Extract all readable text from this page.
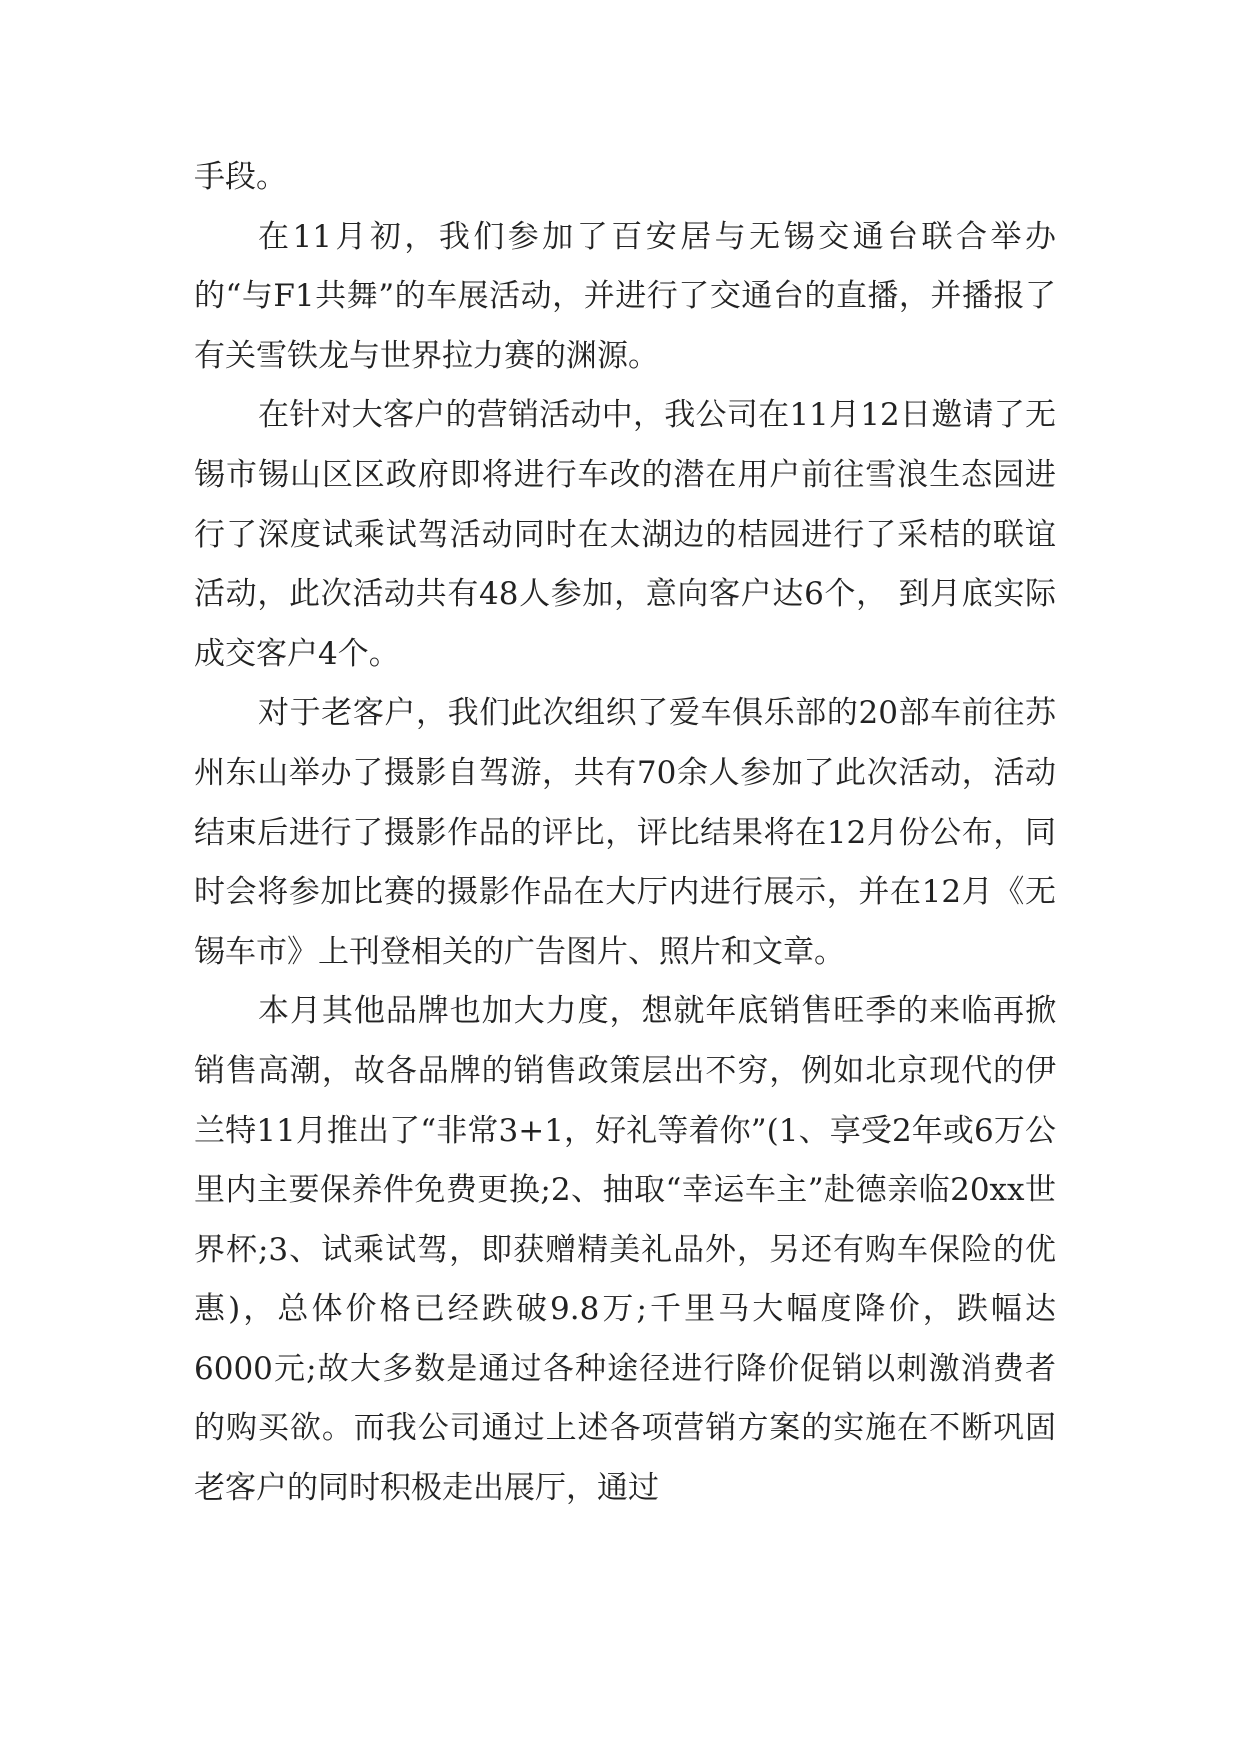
手段。

在11月初，我们参加了百安居与无锡交通台联合举办的“与F1共舞”的车展活动，并进行了交通台的直播，并播报了有关雪铁龙与世界拉力赛的渊源。

在针对大客户的营销活动中，我公司在11月12日邀请了无锡市锡山区区政府即将进行车改的潜在用户前往雪浪生态园进行了深度试乘试驾活动同时在太湖边的桔园进行了采桔的联谊活动，此次活动共有48人参加，意向客户达6个， 到月底实际成交客户4个。

对于老客户，我们此次组织了爱车俱乐部的20部车前往苏州东山举办了摄影自驾游，共有70余人参加了此次活动，活动结束后进行了摄影作品的评比，评比结果将在12月份公布，同时会将参加比赛的摄影作品在大厅内进行展示，并在12月《无锡车市》上刊登相关的广告图片、照片和文章。

本月其他品牌也加大力度，想就年底销售旺季的来临再掀销售高潮，故各品牌的销售政策层出不穷，例如北京现代的伊兰特11月推出了“非常3+1，好礼等着你”(1、享受2年或6万公里内主要保养件免费更换;2、抽取“幸运车主”赴德亲临20xx世界杯;3、试乘试驾，即获赠精美礼品外，另还有购车保险的优惠)，总体价格已经跌破9.8万;千里马大幅度降价，跌幅达6000元;故大多数是通过各种途径进行降价促销以刺激消费者的购买欲。而我公司通过上述各项营销方案的实施在不断巩固老客户的同时积极走出展厅，通过
